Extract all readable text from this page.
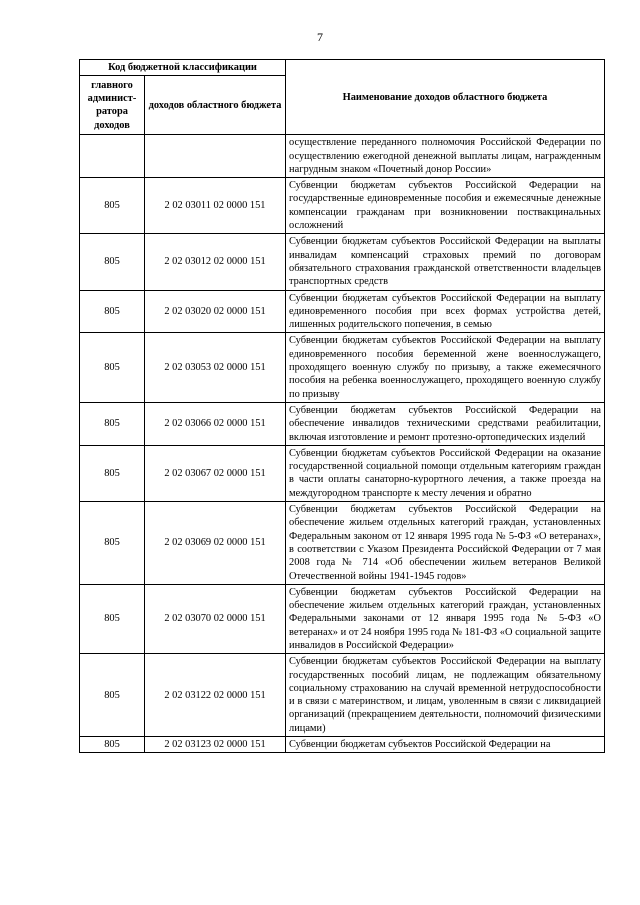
7
Код бюджетной классификации		Наименование доходов областного бюджета
главного админист-ратора доходов	доходов областного бюджета	
		осуществление переданного полномочия Российской Федерации по осуществлению ежегодной денежной выплаты лицам, награжденным нагрудным знаком «Почетный донор России»
805	2 02 03011 02 0000 151	Субвенции бюджетам субъектов Российской Федерации на государственные единовременные пособия и ежемесячные денежные компенсации гражданам при возникновении поствакцинальных осложнений
805	2 02 03012 02 0000 151	Субвенции бюджетам субъектов Российской Федерации на выплаты инвалидам компенсаций страховых премий по договорам обязательного страхования гражданской ответственности владельцев транспортных средств
805	2 02 03020 02 0000 151	Субвенции бюджетам субъектов Российской Федерации на выплату единовременного пособия при всех формах устройства детей, лишенных родительского попечения, в семью
805	2 02 03053 02 0000 151	Субвенции бюджетам субъектов Российской Федерации на выплату единовременного пособия беременной жене военнослужащего, проходящего военную службу по призыву, а также ежемесячного пособия на ребенка военнослужащего, проходящего военную службу по призыву
805	2 02 03066 02 0000 151	Субвенции бюджетам субъектов Российской Федерации на обеспечение инвалидов техническими средствами реабилитации, включая изготовление и ремонт протезно-ортопедических изделий
805	2 02 03067 02 0000 151	Субвенции бюджетам субъектов Российской Федерации на оказание государственной социальной помощи отдельным категориям граждан в части оплаты санаторно-курортного лечения, а также проезда на междугородном транспорте к месту лечения и обратно
805	2 02 03069 02 0000 151	Субвенции бюджетам субъектов Российской Федерации на обеспечение жильем отдельных категорий граждан, установленных Федеральным законом от 12 января 1995 года № 5-ФЗ «О ветеранах», в соответствии с Указом Президента Российской Федерации от 7 мая 2008 года № 714 «Об обеспечении жильем ветеранов Великой Отечественной войны 1941-1945 годов»
805	2 02 03070 02 0000 151	Субвенции бюджетам субъектов Российской Федерации на обеспечение жильем отдельных категорий граждан, установленных Федеральными законами от 12 января 1995 года № 5-ФЗ «О ветеранах» и от 24 ноября 1995 года № 181-ФЗ «О социальной защите инвалидов в Российской Федерации»
805	2 02 03122 02 0000 151	Субвенции бюджетам субъектов Российской Федерации на выплату государственных пособий лицам, не подлежащим обязательному социальному страхованию на случай временной нетрудоспособности и в связи с материнством, и лицам, уволенным в связи с ликвидацией организаций (прекращением деятельности, полномочий физическими лицами)
805	2 02 03123 02 0000 151	Субвенции бюджетам субъектов Российской Федерации на
